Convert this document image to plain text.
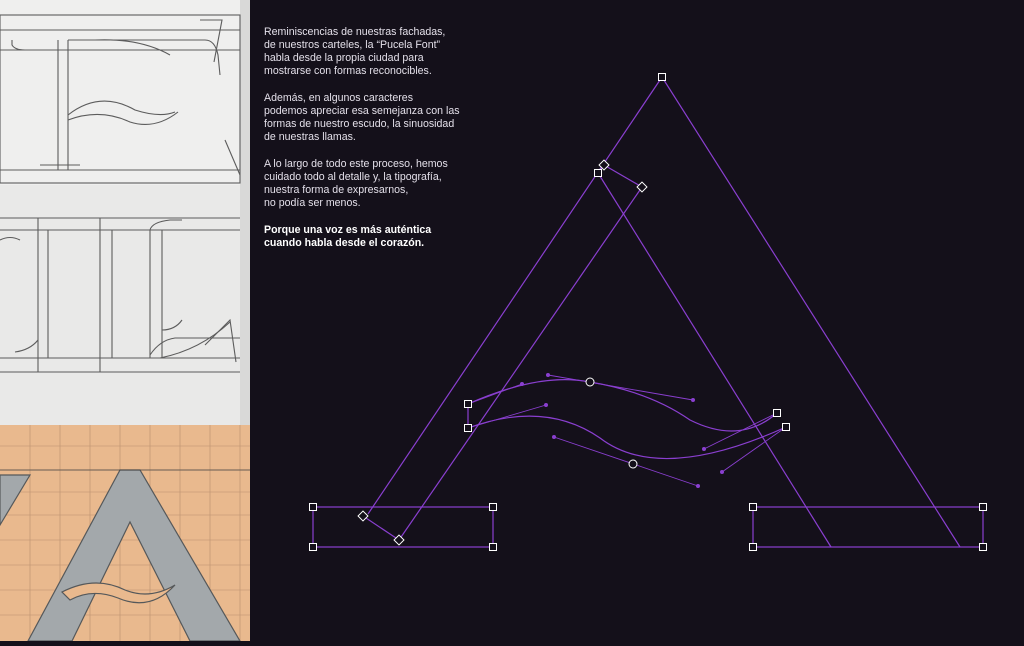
Reminiscencias de nuestras fachadas,
de nuestros carteles, la “Pucela Font”
habla desde la propia ciudad para
mostrarse con formas reconocibles.

Además, en algunos caracteres
podemos apreciar esa semejanza con las
formas de nuestro escudo, la sinuosidad
de nuestras llamas.

A lo largo de todo este proceso, hemos
cuidado todo al detalle y, la tipografía,
nuestra forma de expresarnos,
no podía ser menos.

Porque una voz es más auténtica
cuando habla desde el corazón.
